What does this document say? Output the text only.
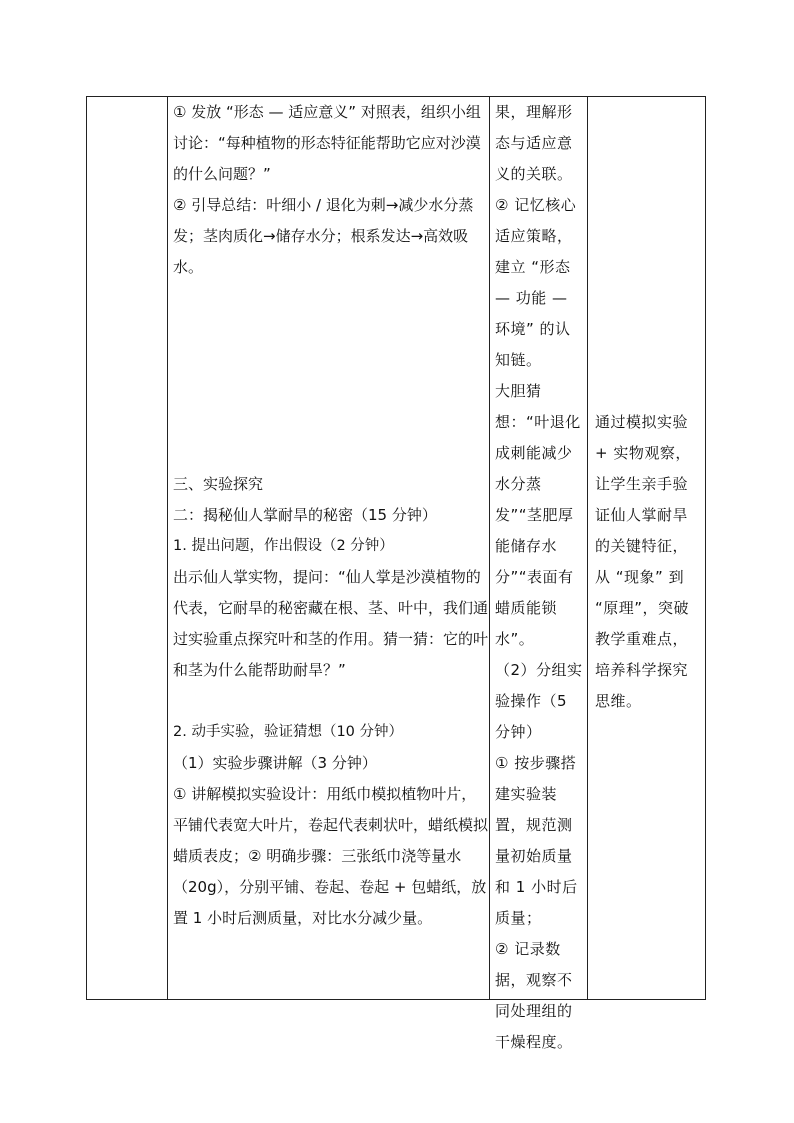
① 发放 “形态 — 适应意义” 对照表，组织小组讨论：“每种植物的形态特征能帮助它应对沙漠的什么问题？”
② 引导总结：叶细小 / 退化为刺→减少水分蒸发；茎肉质化→储存水分；根系发达→高效吸水。
三、实验探究
二：揭秘仙人掌耐旱的秘密（15 分钟）
1. 提出问题，作出假设（2 分钟）
出示仙人掌实物，提问：“仙人掌是沙漠植物的代表，它耐旱的秘密藏在根、茎、叶中，我们通过实验重点探究叶和茎的作用。猜一猜：它的叶和茎为什么能帮助耐旱？”
2. 动手实验，验证猜想（10 分钟）
（1）实验步骤讲解（3 分钟）
① 讲解模拟实验设计：用纸巾模拟植物叶片，平铺代表宽大叶片，卷起代表刺状叶，蜡纸模拟蜡质表皮；② 明确步骤：三张纸巾浇等量水（20g），分别平铺、卷起、卷起 + 包蜡纸，放置 1 小时后测质量，对比水分减少量。
果，理解形态与适应意义的关联。
② 记忆核心适应策略，建立 “形态 — 功能 — 环境” 的认知链。
大胆猜想：“叶退化成刺能减少水分蒸发”“茎肥厚能储存水分”“表面有蜡质能锁水”。
（2）分组实验操作（5 分钟）
① 按步骤搭建实验装置，规范测量初始质量和 1 小时后质量；
② 记录数据，观察不同处理组的干燥程度。
通过模拟实验 + 实物观察，让学生亲手验证仙人掌耐旱的关键特征，从 “现象” 到 “原理”，突破教学重难点，培养科学探究思维。
